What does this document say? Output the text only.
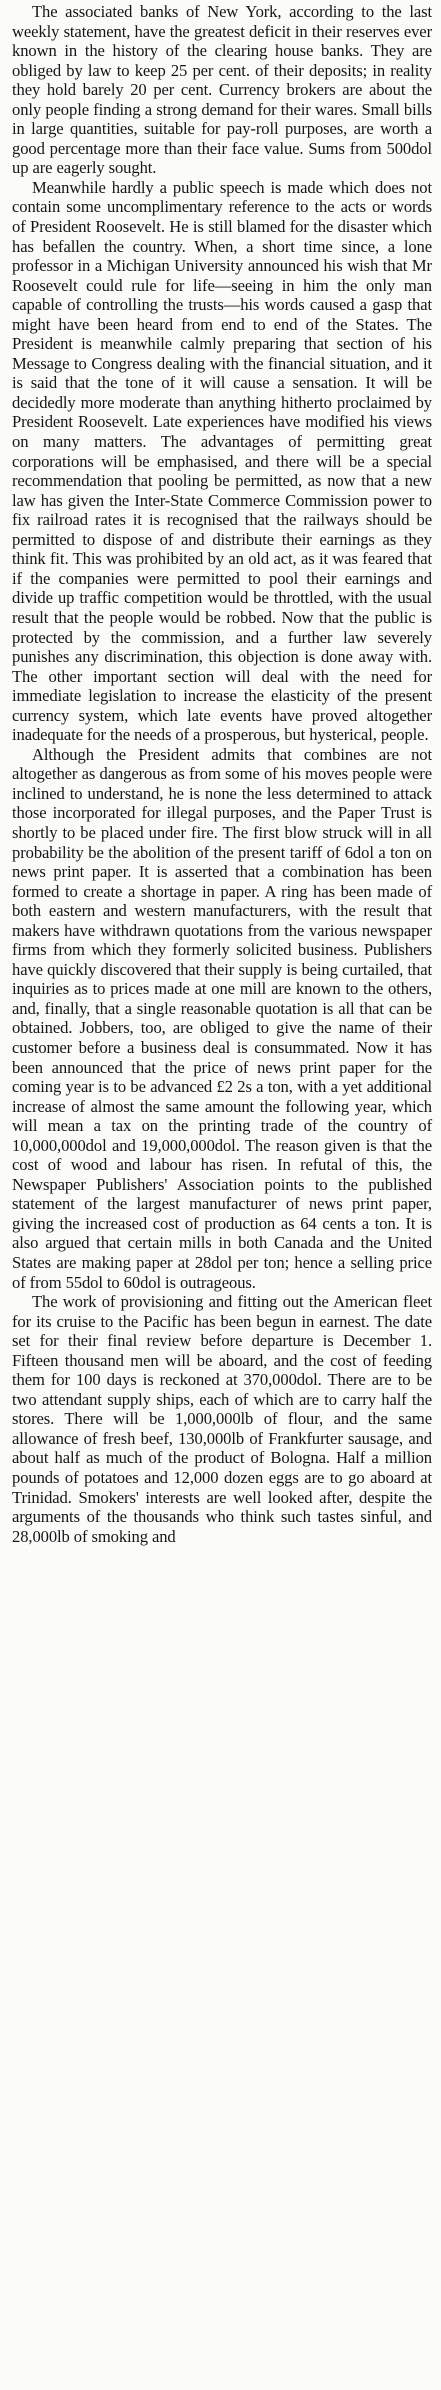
The associated banks of New York, according to the last weekly statement, have the greatest deficit in their reserves ever known in the history of the clearing house banks. They are obliged by law to keep 25 per cent. of their deposits; in reality they hold barely 20 per cent. Currency brokers are about the only people finding a strong demand for their wares. Small bills in large quantities, suitable for pay-roll purposes, are worth a good percentage more than their face value. Sums from 500dol up are eagerly sought.

Meanwhile hardly a public speech is made which does not contain some uncomplimentary reference to the acts or words of President Roosevelt. He is still blamed for the disaster which has befallen the country. When, a short time since, a lone professor in a Michigan University announced his wish that Mr Roosevelt could rule for life—seeing in him the only man capable of controlling the trusts—his words caused a gasp that might have been heard from end to end of the States. The President is meanwhile calmly preparing that section of his Message to Congress dealing with the financial situation, and it is said that the tone of it will cause a sensation. It will be decidedly more moderate than anything hitherto proclaimed by President Roosevelt. Late experiences have modified his views on many matters. The advantages of permitting great corporations will be emphasised, and there will be a special recommendation that pooling be permitted, as now that a new law has given the Inter-State Commerce Commission power to fix railroad rates it is recognised that the railways should be permitted to dispose of and distribute their earnings as they think fit. This was prohibited by an old act, as it was feared that if the companies were permitted to pool their earnings and divide up traffic competition would be throttled, with the usual result that the people would be robbed. Now that the public is protected by the commission, and a further law severely punishes any discrimination, this objection is done away with. The other important section will deal with the need for immediate legislation to increase the elasticity of the present currency system, which late events have proved altogether inadequate for the needs of a prosperous, but hysterical, people.

Although the President admits that combines are not altogether as dangerous as from some of his moves people were inclined to understand, he is none the less determined to attack those incorporated for illegal purposes, and the Paper Trust is shortly to be placed under fire. The first blow struck will in all probability be the abolition of the present tariff of 6dol a ton on news print paper. It is asserted that a combination has been formed to create a shortage in paper. A ring has been made of both eastern and western manufacturers, with the result that makers have withdrawn quotations from the various newspaper firms from which they formerly solicited business. Publishers have quickly discovered that their supply is being curtailed, that inquiries as to prices made at one mill are known to the others, and, finally, that a single reasonable quotation is all that can be obtained. Jobbers, too, are obliged to give the name of their customer before a business deal is consummated. Now it has been announced that the price of news print paper for the coming year is to be advanced £2 2s a ton, with a yet additional increase of almost the same amount the following year, which will mean a tax on the printing trade of the country of 10,000,000dol and 19,000,000dol. The reason given is that the cost of wood and labour has risen. In refutal of this, the Newspaper Publishers' Association points to the published statement of the largest manufacturer of news print paper, giving the increased cost of production as 64 cents a ton. It is also argued that certain mills in both Canada and the United States are making paper at 28dol per ton; hence a selling price of from 55dol to 60dol is outrageous.

The work of provisioning and fitting out the American fleet for its cruise to the Pacific has been begun in earnest. The date set for their final review before departure is December 1. Fifteen thousand men will be aboard, and the cost of feeding them for 100 days is reckoned at 370,000dol. There are to be two attendant supply ships, each of which are to carry half the stores. There will be 1,000,000lb of flour, and the same allowance of fresh beef, 130,000lb of Frankfurter sausage, and about half as much of the product of Bologna. Half a million pounds of potatoes and 12,000 dozen eggs are to go aboard at Trinidad. Smokers' interests are well looked after, despite the arguments of the thousands who think such tastes sinful, and 28,000lb of smoking and
